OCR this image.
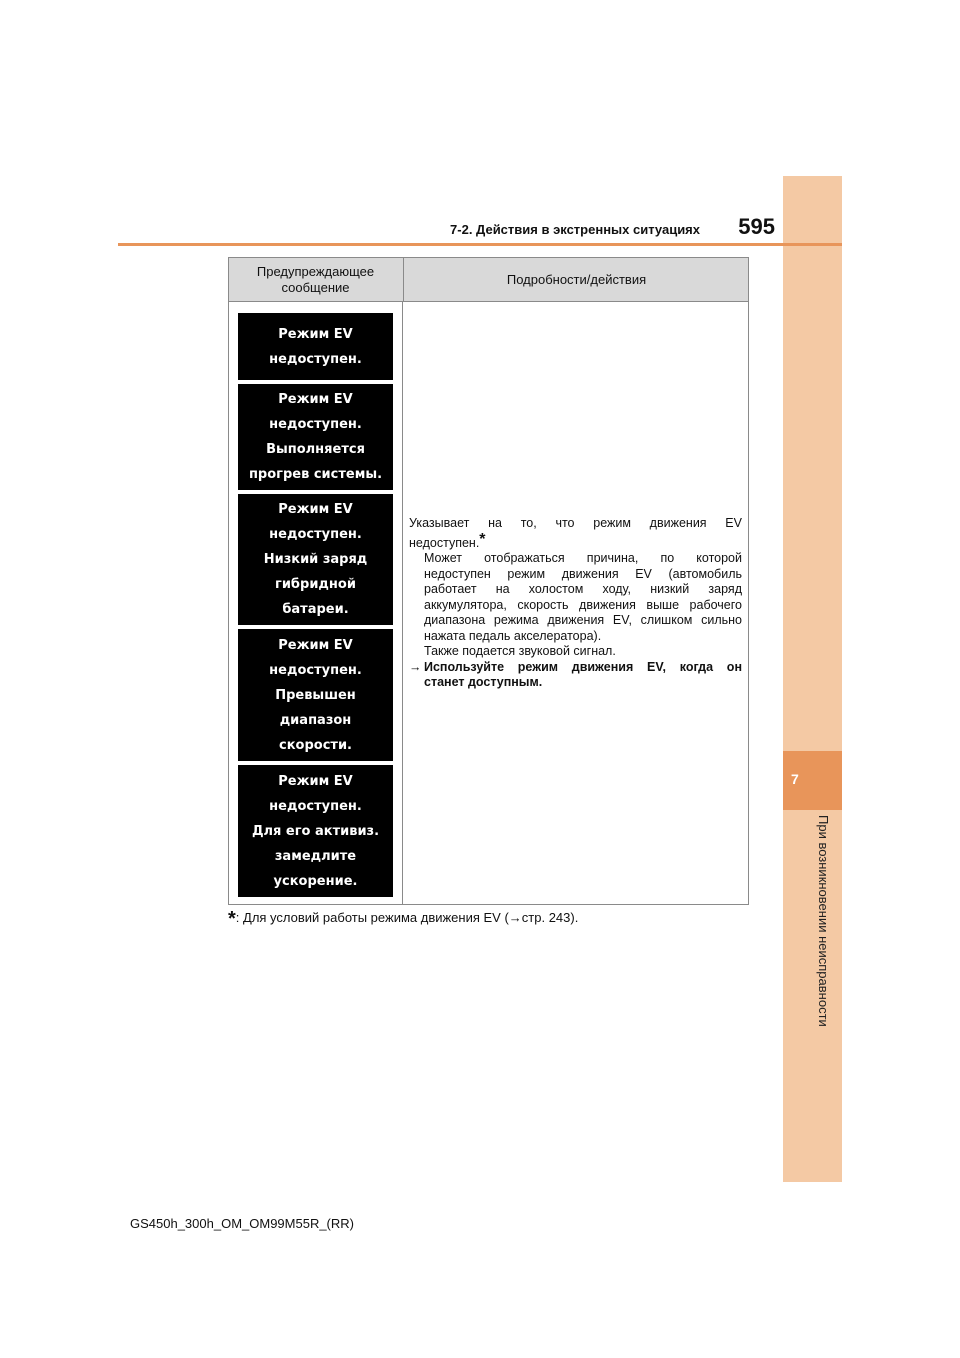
7
При возникновении неисправности
7-2. Действия в экстренных ситуациях	595
Предупреждающее сообщение	Подробности/действия
Режим EV
недоступен.
Режим EV
недоступен.
Выполняется
прогрев системы.
Режим EV
недоступен.
Низкий заряд
гибридной
батареи.
Режим EV
недоступен.
Превышен
диапазон
скорости.
Режим EV
недоступен.
Для его активиз.
замедлите
ускорение.

Указывает на то, что режим движения EV

недоступен.*

Может отображаться причина, по которой

недоступен режим движения EV (автомобиль

работает на холостом ходу, низкий заряд

аккумулятора, скорость движения выше рабочего

диапазона режима движения EV, слишком сильно

нажата педаль акселератора).

Также подается звуковой сигнал.

→ Используйте режим движения EV, когда он

станет доступным.

*: Для условий работы режима движения EV (→стр. 243).
GS450h_300h_OM_OM99M55R_(RR)
